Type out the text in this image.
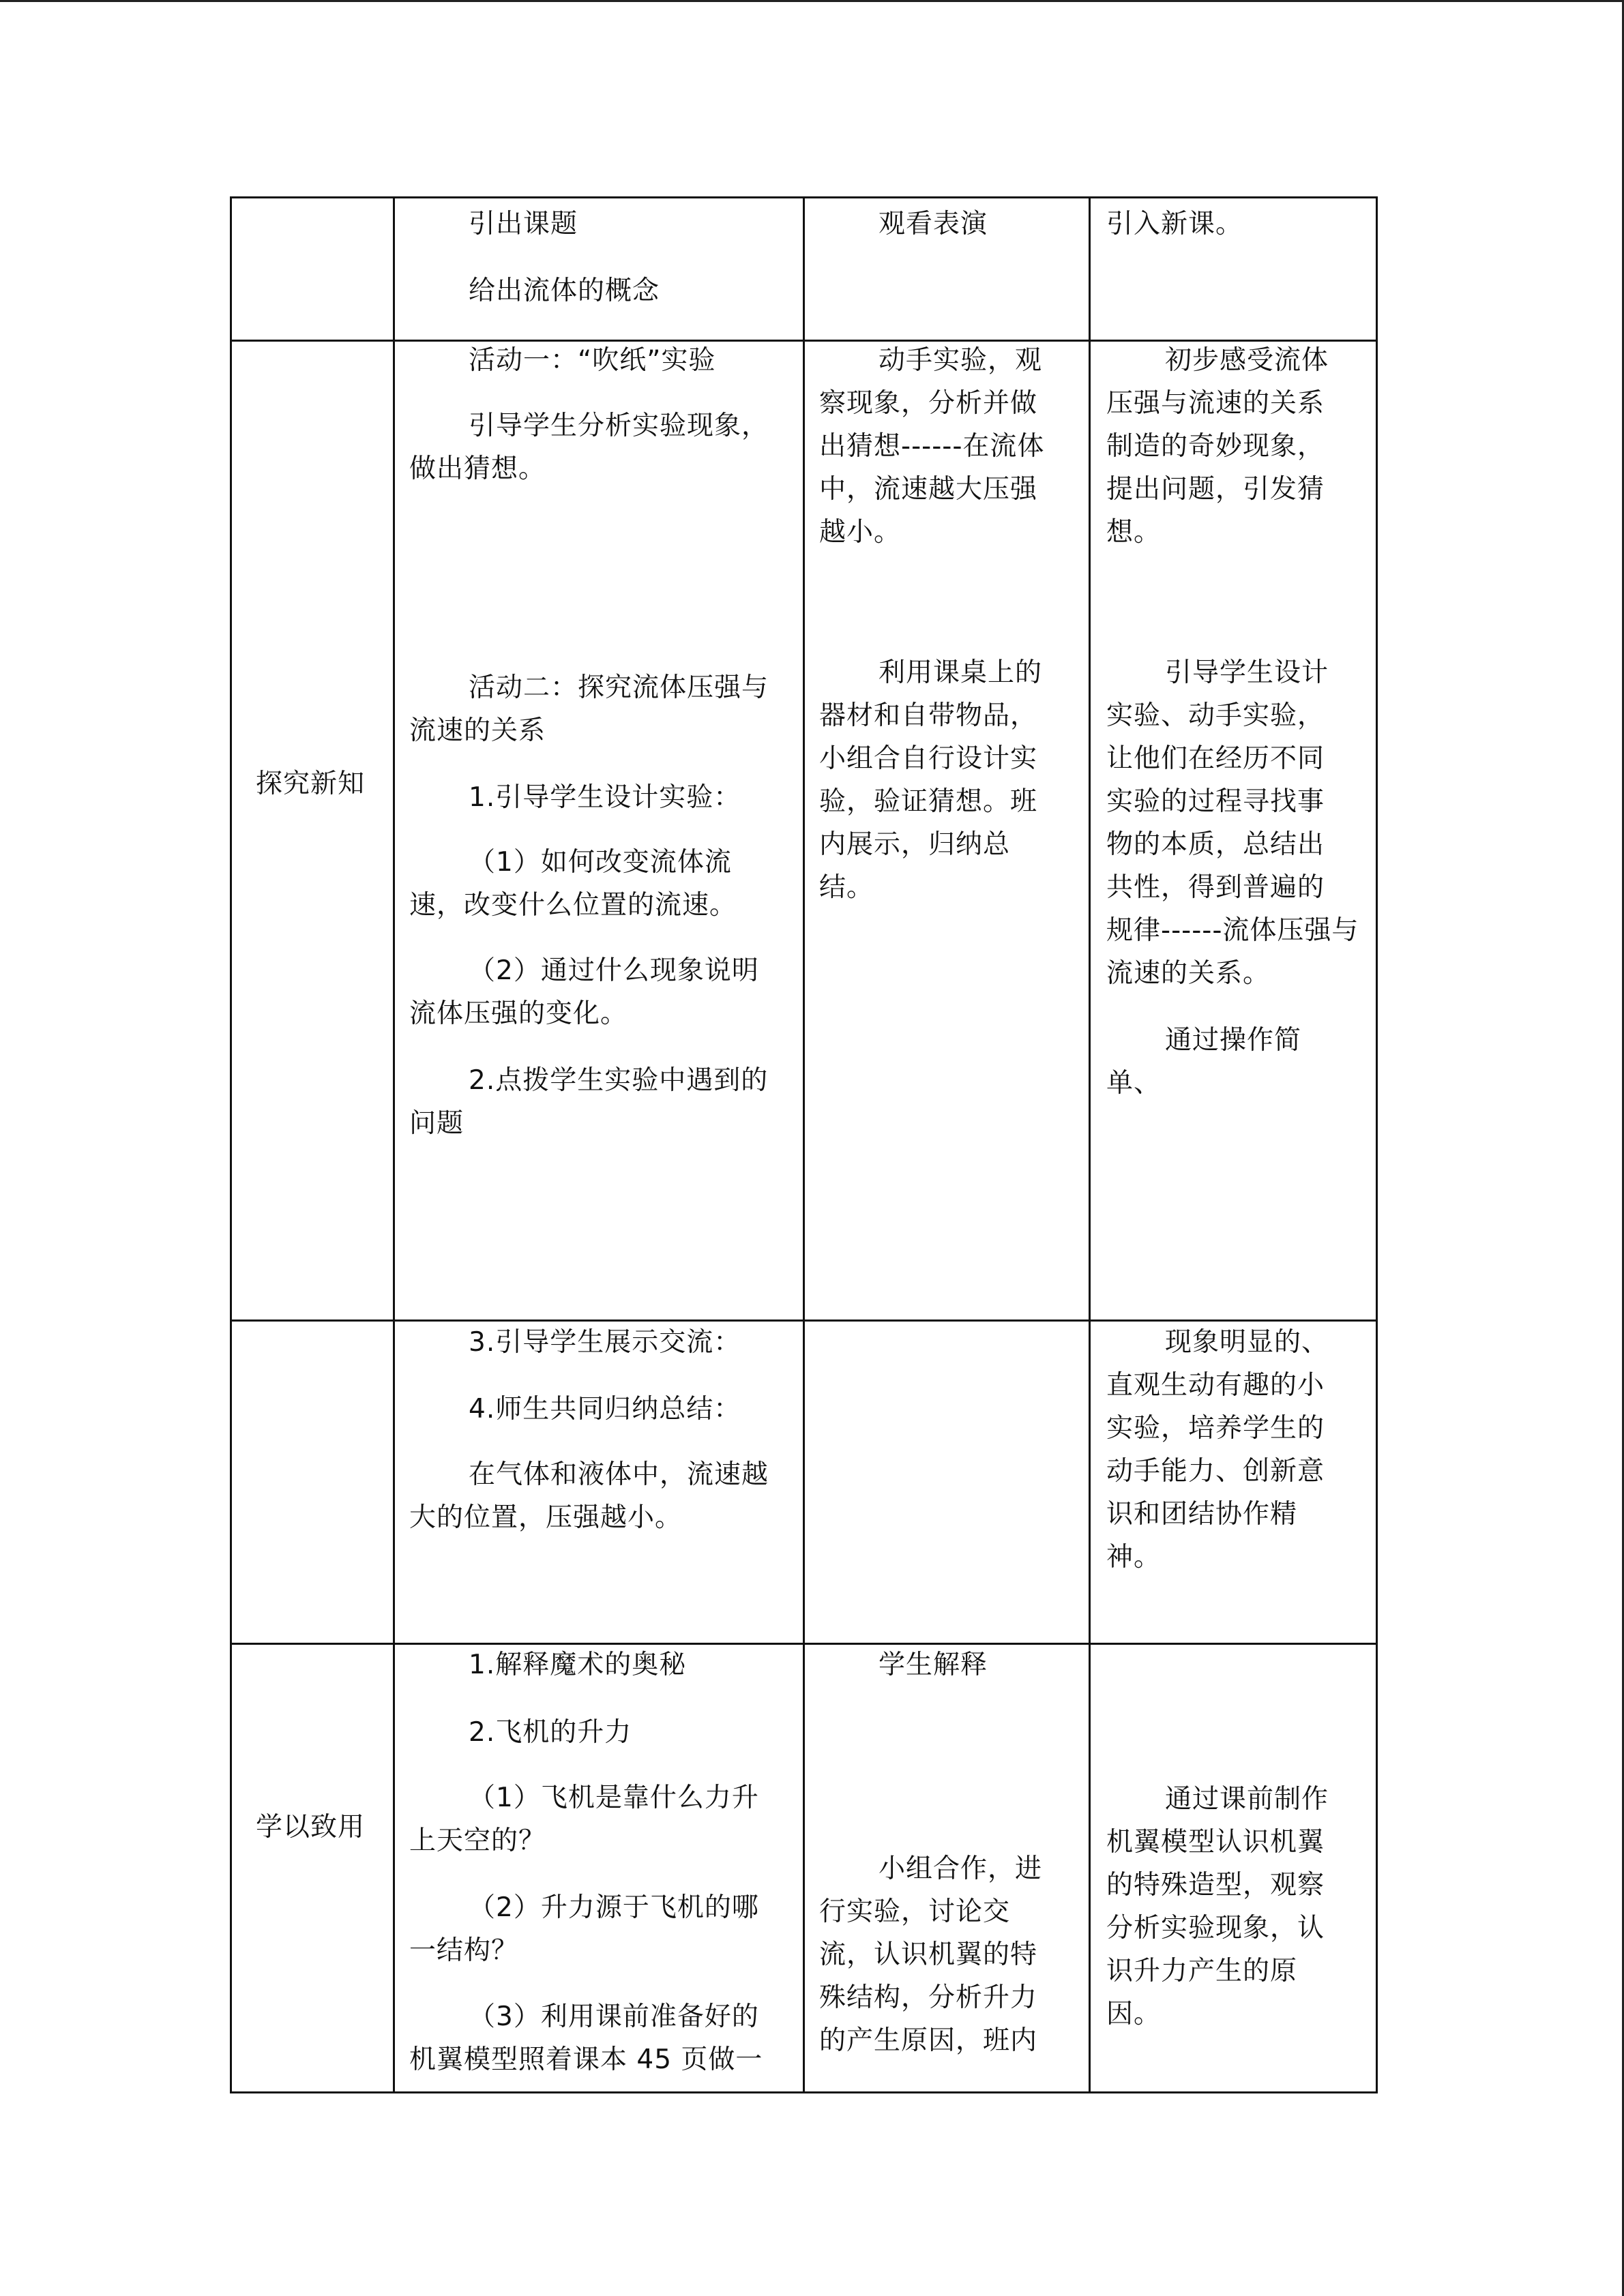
引出课题
给出流体的概念
观看表演	引入新课。
探究新知
活动一：“吹纸”实验
引导学生分析实验现象，
做出猜想。
活动二：探究流体压强与
流速的关系
1.引导学生设计实验：
（1）如何改变流体流
速，改变什么位置的流速。
（2）通过什么现象说明
流体压强的变化。
2.点拨学生实验中遇到的
问题
动手实验，观
察现象，分析并做
出猜想------在流体
中，流速越大压强
越小。
利用课桌上的
器材和自带物品，
小组合自行设计实
验，验证猜想。班
内展示，归纳总
结。
初步感受流体
压强与流速的关系
制造的奇妙现象，
提出问题，引发猜
想。
引导学生设计
实验、动手实验，
让他们在经历不同
实验的过程寻找事
物的本质，总结出
共性，得到普遍的
规律------流体压强与
流速的关系。
通过操作简
单、
3.引导学生展示交流：
4.师生共同归纳总结：
在气体和液体中，流速越
大的位置，压强越小。
现象明显的、
直观生动有趣的小
实验，培养学生的
动手能力、创新意
识和团结协作精
神。
学以致用
1.解释魔术的奥秘
2.飞机的升力
（1）飞机是靠什么力升
上天空的？
（2）升力源于飞机的哪
一结构？
（3）利用课前准备好的
机翼模型照着课本 45 页做一
学生解释
小组合作，进
行实验，讨论交
流，认识机翼的特
殊结构，分析升力
的产生原因，班内
通过课前制作
机翼模型认识机翼
的特殊造型，观察
分析实验现象，认
识升力产生的原
因。
